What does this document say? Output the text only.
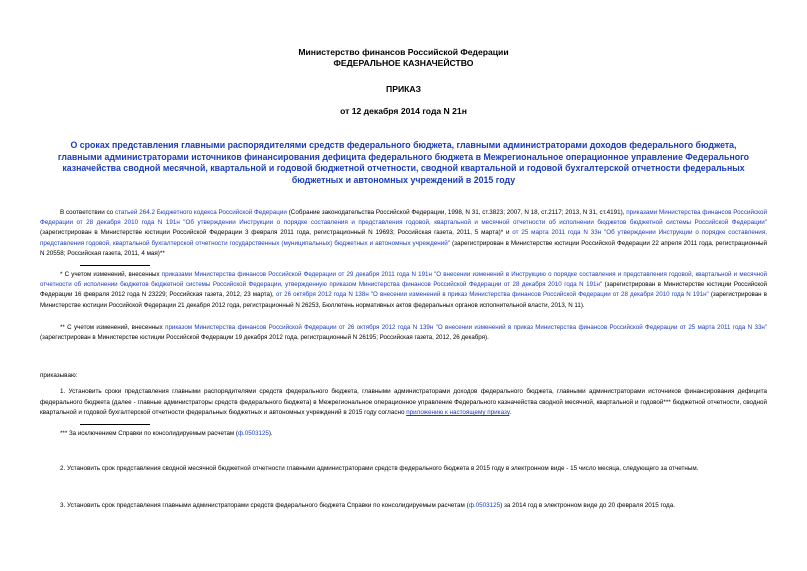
Министерство финансов Российской Федерации
ФЕДЕРАЛЬНОЕ КАЗНАЧЕЙСТВО
ПРИКАЗ
от 12 декабря 2014 года N 21н
О сроках представления главными распорядителями средств федерального бюджета, главными администраторами доходов федерального бюджета, главными администраторами источников финансирования дефицита федерального бюджета в Межрегиональное операционное управление Федерального казначейства сводной месячной, квартальной и годовой бюджетной отчетности, сводной квартальной и годовой бухгалтерской отчетности федеральных бюджетных и автономных учреждений в 2015 году

В соответствии со статьей 264.2 Бюджетного кодекса Российской Федерации (Собрание законодательства Российской Федерации, 1998, N 31, ст.3823; 2007, N 18, ст.2117; 2013, N 31, ст.4191), приказами Министерства финансов Российской Федерации от 28 декабря 2010 года N 191н "Об утверждении Инструкции о порядке составления и представления годовой, квартальной и месячной отчетности об исполнении бюджетов бюджетной системы Российской Федерации" (зарегистрирован в Министерстве юстиции Российской Федерации 3 февраля 2011 года, регистрационный N 19693; Российская газета, 2011, 5 марта)* и от 25 марта 2011 года N 33н "Об утверждении Инструкции о порядке составления, представления годовой, квартальной бухгалтерской отчетности государственных (муниципальных) бюджетных и автономных учреждений" (зарегистрирован в Министерстве юстиции Российской Федерации 22 апреля 2011 года, регистрационный N 20558; Российская газета, 2011, 4 мая)**

* С учетом изменений, внесенных приказами Министерства финансов Российской Федерации от 29 декабря 2011 года N 191н "О внесении изменений в Инструкцию о порядке составления и представления годовой, квартальной и месячной отчетности об исполнении бюджетов бюджетной системы Российской Федерации, утвержденную приказом Министерства финансов Российской Федерации от 28 декабря 2010 года N 191н" (зарегистрирован в Министерстве юстиции Российской Федерации 16 февраля 2012 года N 23229; Российская газета, 2012, 23 марта), от 26 октября 2012 года N 138н "О внесении изменений в приказ Министерства финансов Российской Федерации от 28 декабря 2010 года N 191н" (зарегистрирован в Министерстве юстиции Российской Федерации 21 декабря 2012 года, регистрационный N 26253, Бюллетень нормативных актов федеральных органов исполнительной власти, 2013, N 11).

** С учетом изменений, внесенных приказом Министерства финансов Российской Федерации от 26 октября 2012 года N 139н "О внесении изменений в приказ Министерства финансов Российской Федерации от 25 марта 2011 года N 33н" (зарегистрирован в Министерстве юстиции Российской Федерации 19 декабря 2012 года, регистрационный N 26195; Российская газета, 2012, 26 декабря).

приказываю:

1. Установить сроки представления главными распорядителями средств федерального бюджета, главными администраторами доходов федерального бюджета, главными администраторами источников финансирования дефицита федерального бюджета (далее - главные администраторы средств федерального бюджета) в Межрегиональное операционное управление Федерального казначейства сводной месячной, квартальной и годовой*** бюджетной отчетности, сводной квартальной и годовой бухгалтерской отчетности федеральных бюджетных и автономных учреждений в 2015 году согласно приложению к настоящему приказу.

*** За исключением Справки по консолидируемым расчетам (ф.0503125).

2. Установить срок представления сводной месячной бюджетной отчетности главными администраторами средств федерального бюджета в 2015 году в электронном виде - 15 число месяца, следующего за отчетным.

3. Установить срок представления главными администраторами средств федерального бюджета Справки по консолидируемым расчетам (ф.0503125) за 2014 год в электронном виде до 20 февраля 2015 года.
